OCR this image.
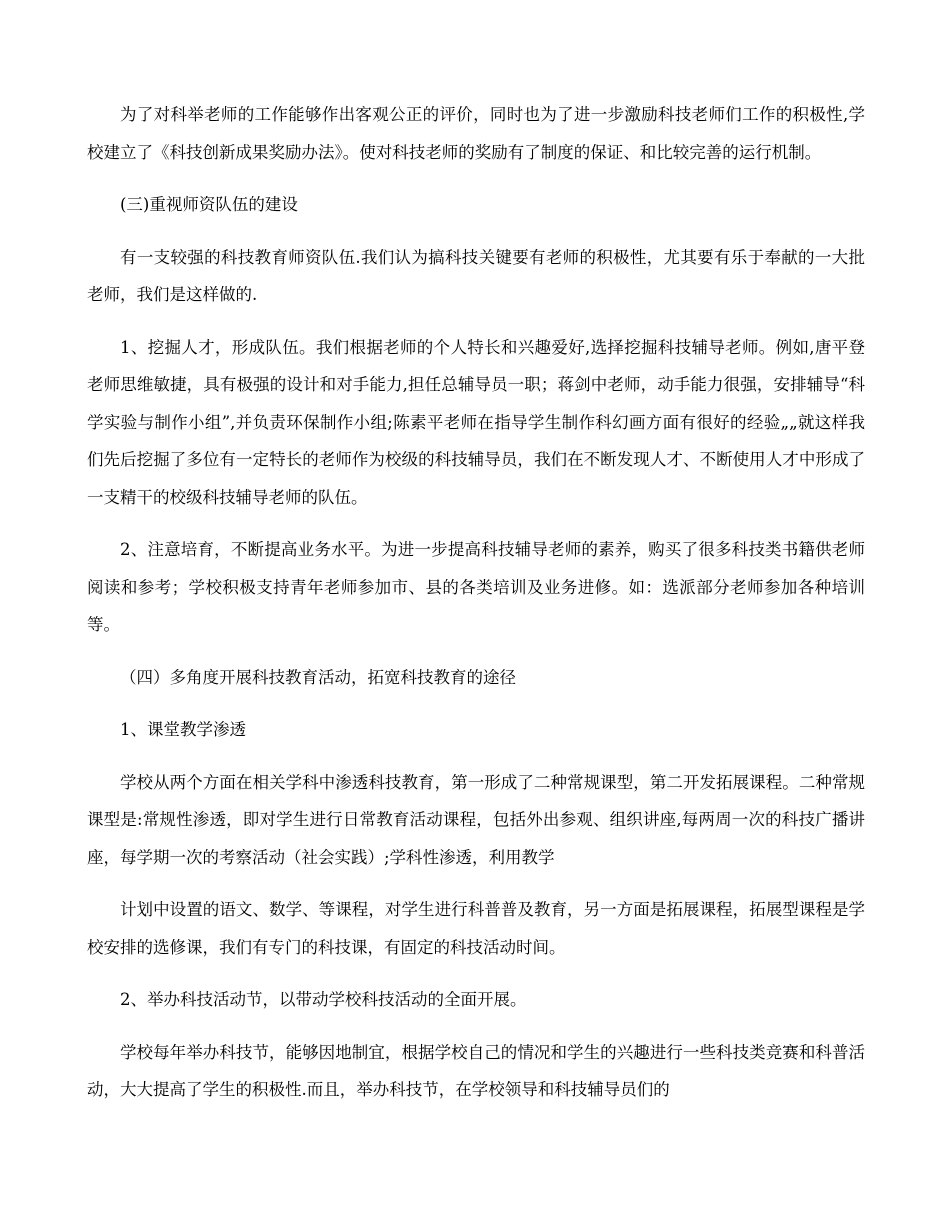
为了对科举老师的工作能够作出客观公正的评价，同时也为了进一步激励科技老师们工作的积极性,学校建立了《科技创新成果奖励办法》。使对科技老师的奖励有了制度的保证、和比较完善的运行机制。

(三)重视师资队伍的建设

有一支较强的科技教育师资队伍.我们认为搞科技关键要有老师的积极性，尤其要有乐于奉献的一大批老师，我们是这样做的.

1、挖掘人才，形成队伍。我们根据老师的个人特长和兴趣爱好,选择挖掘科技辅导老师。例如,唐平登老师思维敏捷，具有极强的设计和对手能力,担任总辅导员一职；蒋剑中老师，动手能力很强，安排辅导“科学实验与制作小组”,并负责环保制作小组;陈素平老师在指导学生制作科幻画方面有很好的经验„„就这样我们先后挖掘了多位有一定特长的老师作为校级的科技辅导员，我们在不断发现人才、不断使用人才中形成了一支精干的校级科技辅导老师的队伍。

2、注意培育，不断提高业务水平。为进一步提高科技辅导老师的素养，购买了很多科技类书籍供老师阅读和参考；学校积极支持青年老师参加市、县的各类培训及业务进修。如：选派部分老师参加各种培训等。

（四）多角度开展科技教育活动，拓宽科技教育的途径

1、课堂教学渗透

学校从两个方面在相关学科中渗透科技教育，第一形成了二种常规课型，第二开发拓展课程。二种常规课型是:常规性渗透，即对学生进行日常教育活动课程，包括外出参观、组织讲座,每两周一次的科技广播讲座，每学期一次的考察活动（社会实践）;学科性渗透，利用教学

计划中设置的语文、数学、等课程，对学生进行科普普及教育，另一方面是拓展课程，拓展型课程是学校安排的选修课，我们有专门的科技课，有固定的科技活动时间。

2、举办科技活动节，以带动学校科技活动的全面开展。

学校每年举办科技节，能够因地制宜，根据学校自己的情况和学生的兴趣进行一些科技类竞赛和科普活动，大大提高了学生的积极性.而且，举办科技节，在学校领导和科技辅导员们的
